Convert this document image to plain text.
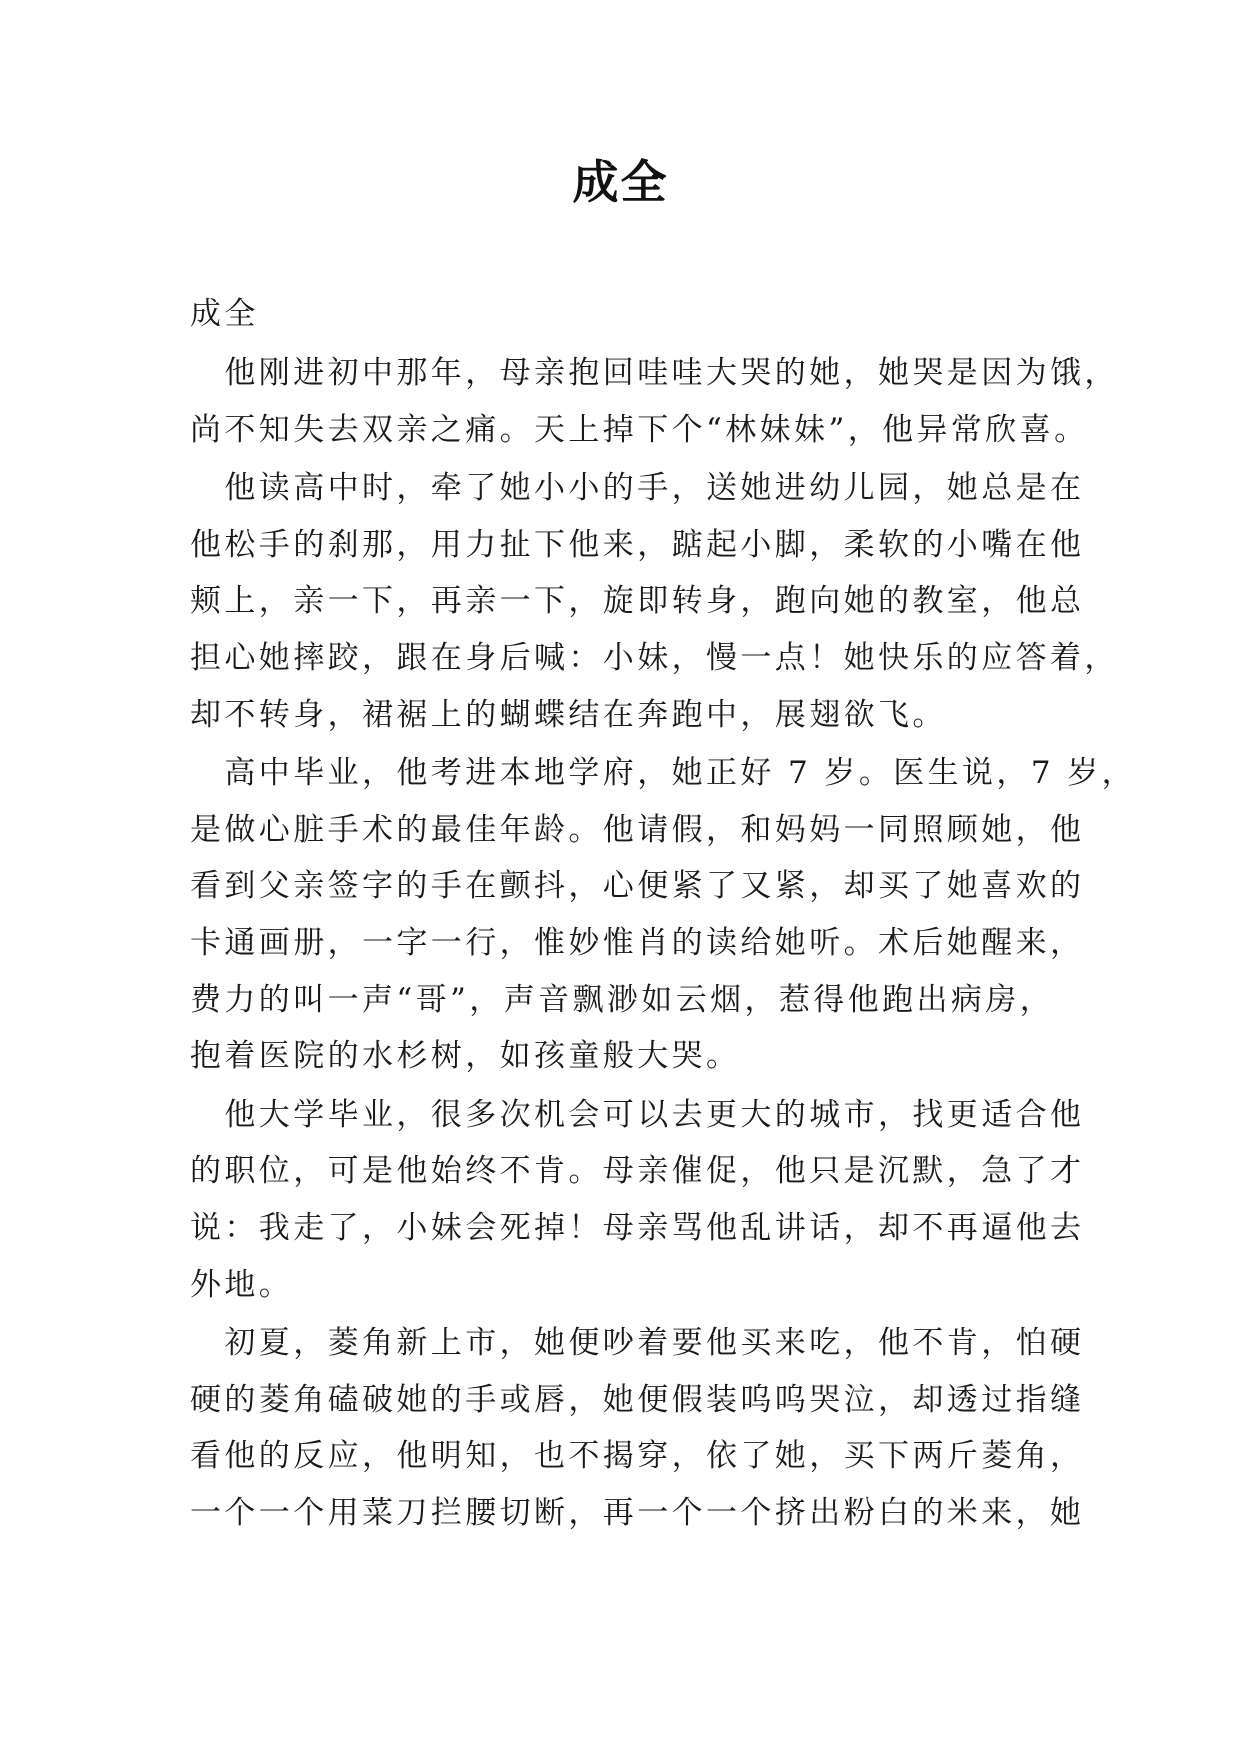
成全
成全
　他刚进初中那年，母亲抱回哇哇大哭的她，她哭是因为饿，
尚不知失去双亲之痛。天上掉下个“林妹妹”，他异常欣喜。
　他读高中时，牵了她小小的手，送她进幼儿园，她总是在
他松手的刹那，用力扯下他来，踮起小脚，柔软的小嘴在他
颊上，亲一下，再亲一下，旋即转身，跑向她的教室，他总
担心她摔跤，跟在身后喊：小妹，慢一点！她快乐的应答着，
却不转身，裙裾上的蝴蝶结在奔跑中，展翅欲飞。
　高中毕业，他考进本地学府，她正好 7 岁。医生说，7 岁，
是做心脏手术的最佳年龄。他请假，和妈妈一同照顾她，他
看到父亲签字的手在颤抖，心便紧了又紧，却买了她喜欢的
卡通画册，一字一行，惟妙惟肖的读给她听。术后她醒来，
费力的叫一声“哥”，声音飘渺如云烟，惹得他跑出病房，
抱着医院的水杉树，如孩童般大哭。
　他大学毕业，很多次机会可以去更大的城市，找更适合他
的职位，可是他始终不肯。母亲催促，他只是沉默，急了才
说：我走了，小妹会死掉！母亲骂他乱讲话，却不再逼他去
外地。
　初夏，菱角新上市，她便吵着要他买来吃，他不肯，怕硬
硬的菱角磕破她的手或唇，她便假装呜呜哭泣，却透过指缝
看他的反应，他明知，也不揭穿，依了她，买下两斤菱角，
一个一个用菜刀拦腰切断，再一个一个挤出粉白的米来，她
